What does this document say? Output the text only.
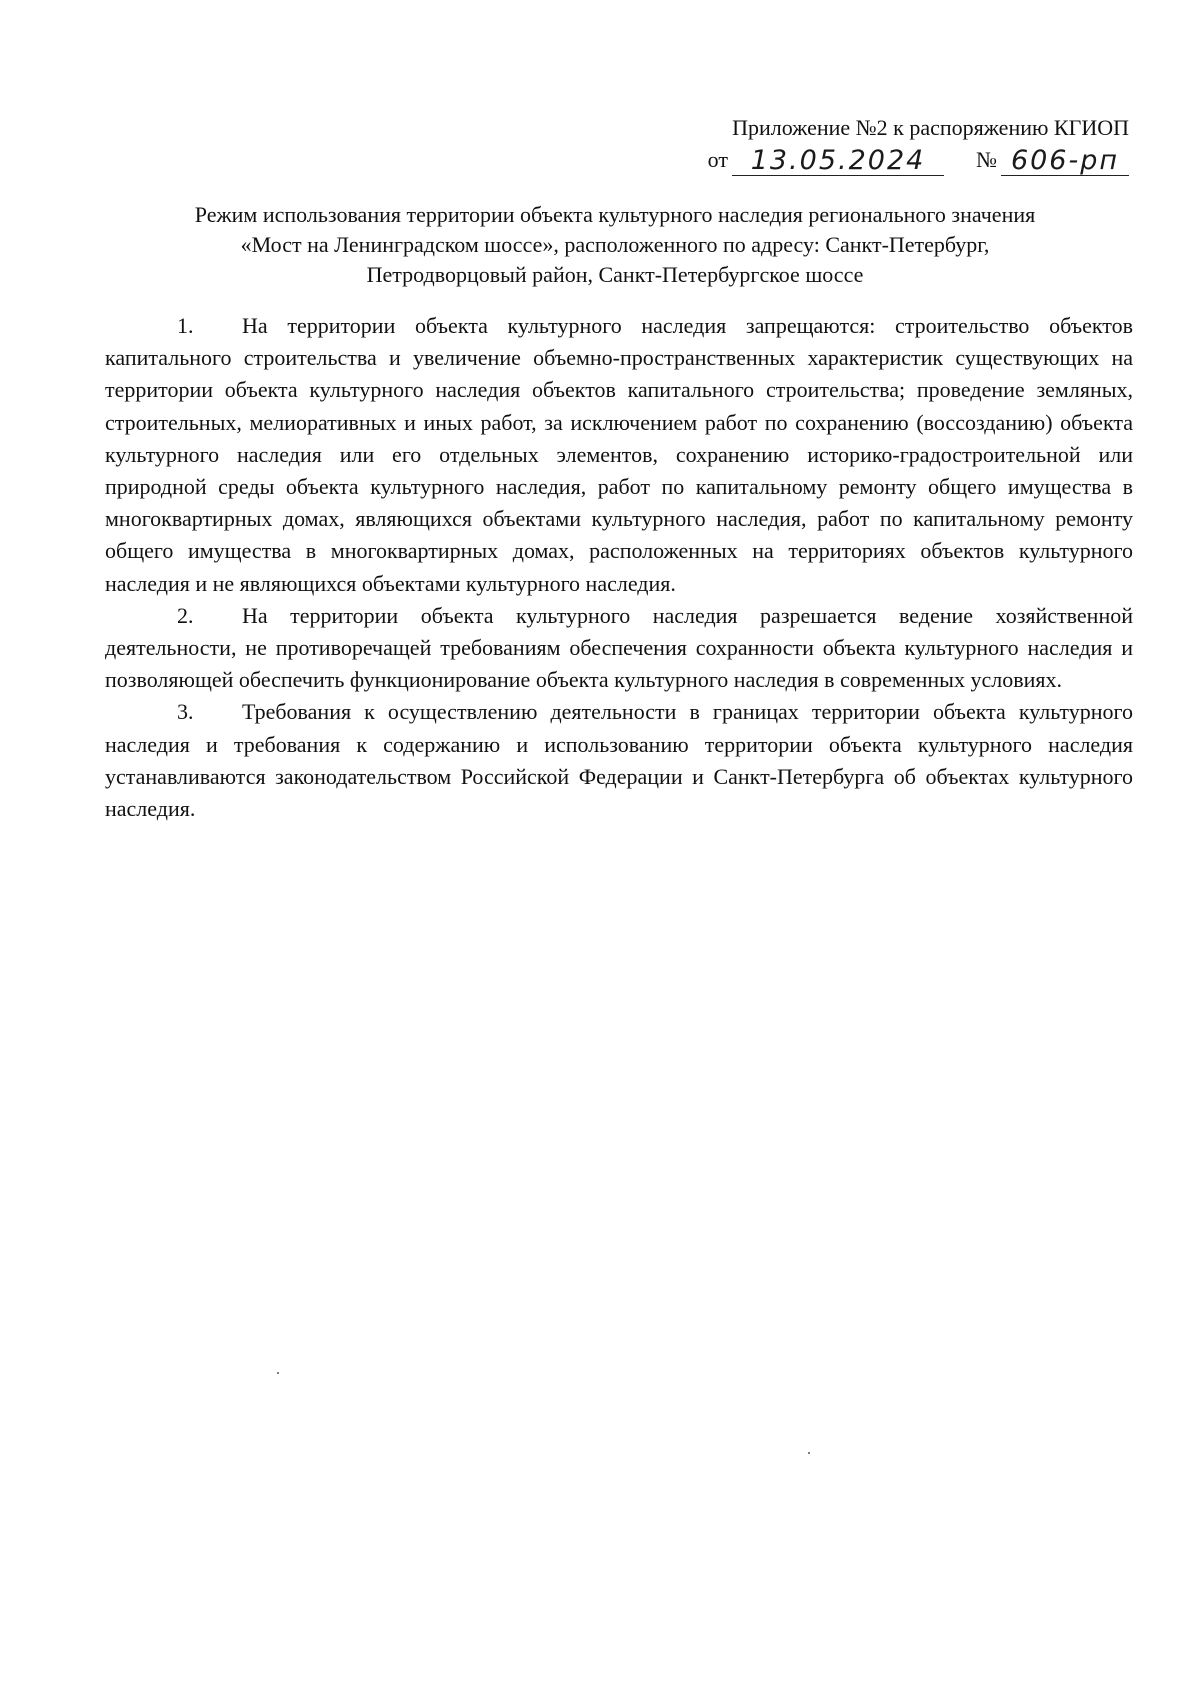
Приложение №2 к распоряжению КГИОП
от 13.05.2024	№ 606-рп
Режим использования территории объекта культурного наследия регионального значения
«Мост на Ленинградском шоссе», расположенного по адресу: Санкт-Петербург,
Петродворцовый район, Санкт-Петербургское шоссе

1. На территории объекта культурного наследия запрещаются: строительство объектов капитального строительства и увеличение объемно-пространственных характеристик существующих на территории объекта культурного наследия объектов капитального строительства; проведение земляных, строительных, мелиоративных и иных работ, за исключением работ по сохранению (воссозданию) объекта культурного наследия или его отдельных элементов, сохранению историко-градостроительной или природной среды объекта культурного наследия, работ по капитальному ремонту общего имущества в многоквартирных домах, являющихся объектами культурного наследия, работ по капитальному ремонту общего имущества в многоквартирных домах, расположенных на территориях объектов культурного наследия и не являющихся объектами культурного наследия.

2. На территории объекта культурного наследия разрешается ведение хозяйственной деятельности, не противоречащей требованиям обеспечения сохранности объекта культурного наследия и позволяющей обеспечить функционирование объекта культурного наследия в современных условиях.

3. Требования к осуществлению деятельности в границах территории объекта культурного наследия и требования к содержанию и использованию территории объекта культурного наследия устанавливаются законодательством Российской Федерации и Санкт-Петербурга об объектах культурного наследия.
